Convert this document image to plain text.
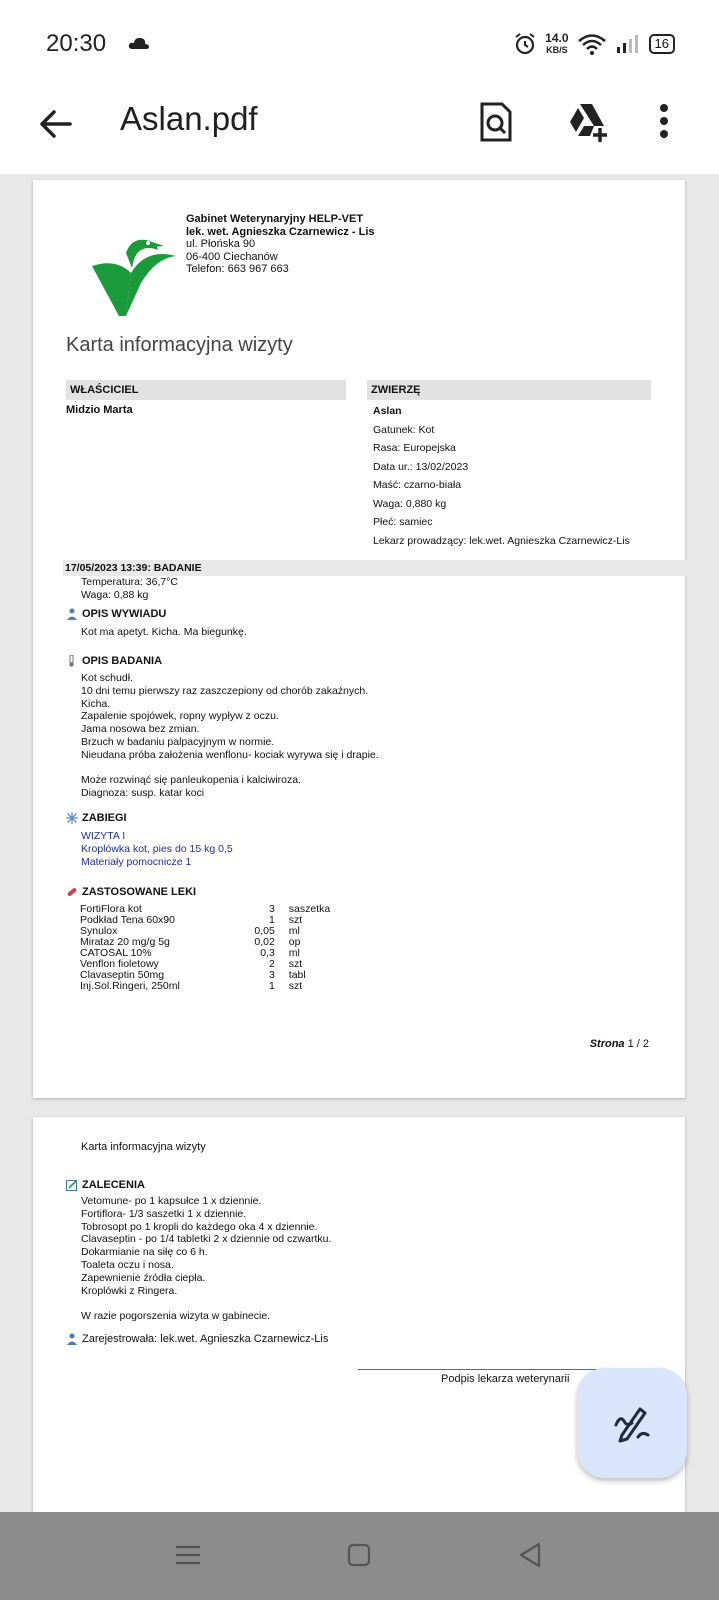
20:30	14.0
KB/S	16
Aslan.pdf
Gabinet Weterynaryjny HELP-VET
lek. wet. Agnieszka Czarnewicz - Lis
ul. Płońska 90
06-400 Ciechanów
Telefon: 663 967 663
Karta informacyjna wizyty
WŁAŚCICIEL	ZWIERZĘ
Midzio Marta	Aslan
Gatunek: Kot
Rasa: Europejska
Data ur.: 13/02/2023
Maść: czarno-biała
Waga: 0,880 kg
Płeć: samiec
Lekarz prowadzący: lek.wet. Agnieszka Czarnewicz-Lis
17/05/2023 13:39: BADANIE
Temperatura: 36,7°C
Waga: 0,88 kg
OPIS WYWIADU
Kot ma apetyt. Kicha. Ma biegunkę.
OPIS BADANIA
Kot schudł.
10 dni temu pierwszy raz zaszczepiony od chorób zakaźnych.
Kicha.
Zapalenie spojówek, ropny wypływ z oczu.
Jama nosowa bez zmian.
Brzuch w badaniu palpacyjnym w normie.
Nieudana próba założenia wenflonu- kociak wyrywa się i drapie.
Może rozwinąć się panleukopenia i kalciwiroza.
Diagnoza: susp. katar koci
ZABIEGI
WIZYTA I
Kroplówka kot, pies do 15 kg 0,5
Materiały pomocnicze 1
ZASTOSOWANE LEKI
FortiFlora kot	3	saszetka
Podkład Tena 60x90	1	szt
Synulox	0,05	ml
Mirataz 20 mg/g 5g	0,02	op
CATOSAL 10%	0,3	ml
Venflon fioletowy	2	szt
Clavaseptin 50mg	3	tabl
Inj.Sol.Ringeri, 250ml	1	szt
Strona 1 / 2
Karta informacyjna wizyty
ZALECENIA
Vetomune- po 1 kapsułce 1 x dziennie.
Fortiflora- 1/3 saszetki 1 x dziennie.
Tobrosopt po 1 kropli do każdego oka 4 x dziennie.
Clavaseptin - po 1/4 tabletki 2 x dziennie od czwartku.
Dokarmianie na siłę co 6 h.
Toaleta oczu i nosa.
Zapewnienie źródła ciepła.
Kroplówki z Ringera.
W razie pogorszenia wizyta w gabinecie.
Zarejestrowała: lek.wet. Agnieszka Czarnewicz-Lis
Podpis lekarza weterynarii
